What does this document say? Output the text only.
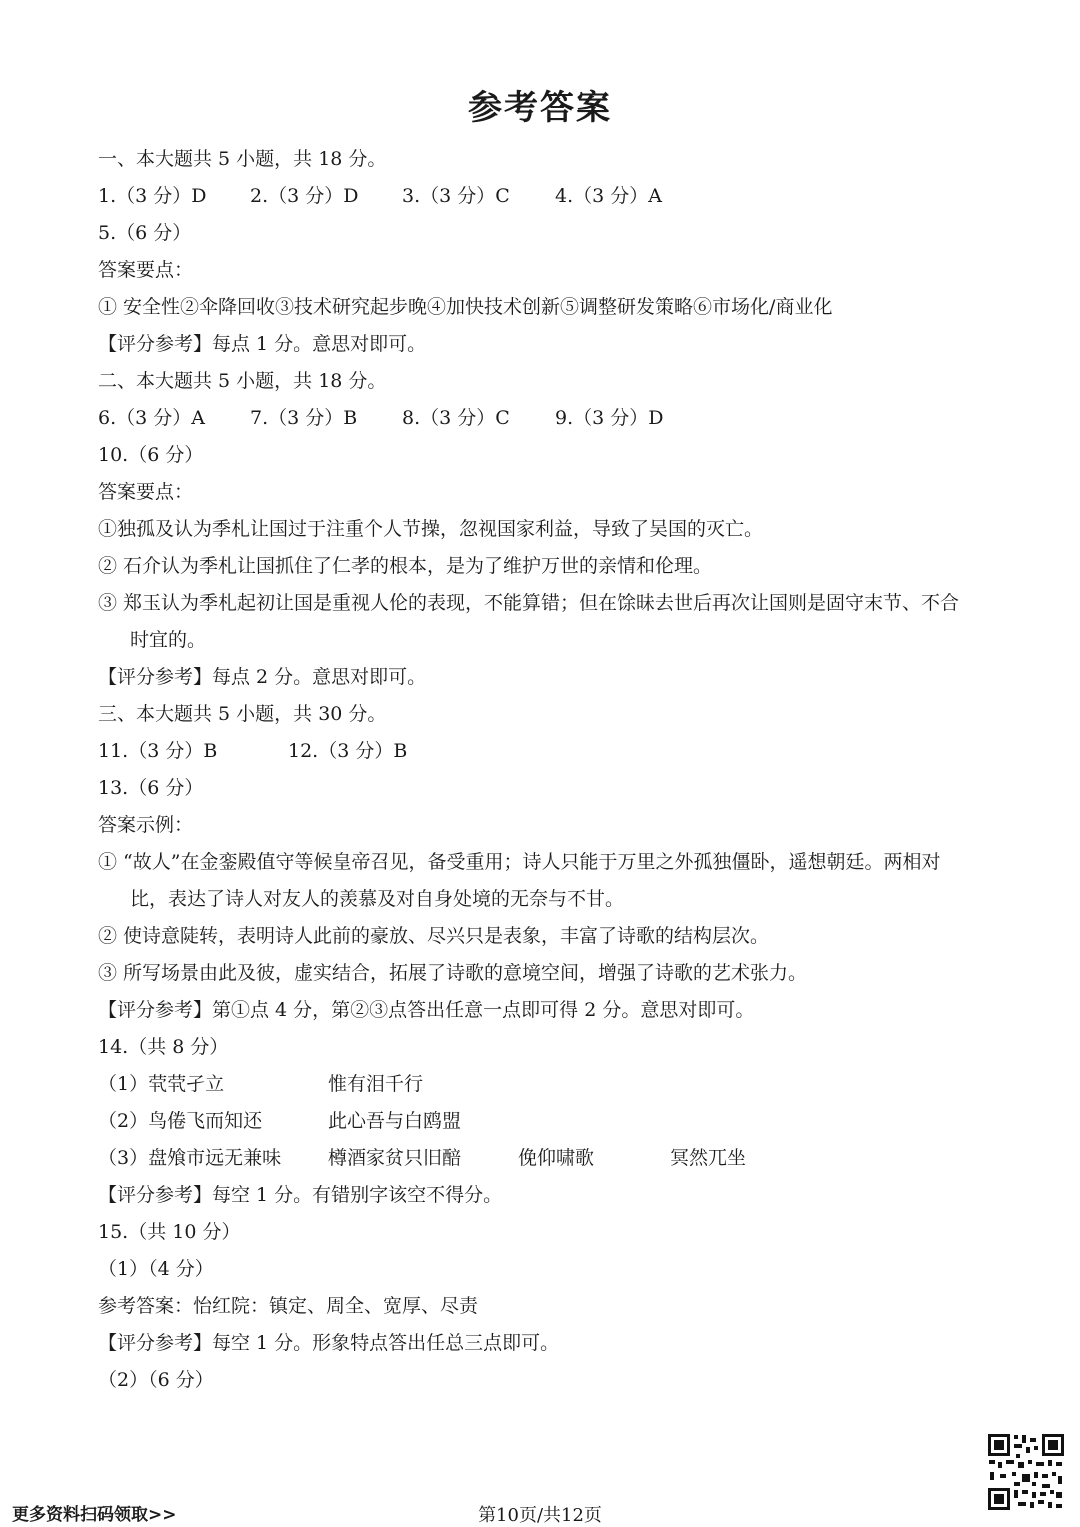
参考答案

一、本大题共 5 小题，共 18 分。

1.（3 分）D 2.（3 分）D 3.（3 分）C 4.（3 分）A

5.（6 分）

答案要点：

① 安全性②伞降回收③技术研究起步晚④加快技术创新⑤调整研发策略⑥市场化/商业化

【评分参考】每点 1 分。意思对即可。

二、本大题共 5 小题，共 18 分。

6.（3 分）A 7.（3 分）B 8.（3 分）C 9.（3 分）D

10.（6 分）

答案要点：

①独孤及认为季札让国过于注重个人节操，忽视国家利益，导致了吴国的灭亡。

② 石介认为季札让国抓住了仁孝的根本，是为了维护万世的亲情和伦理。

③ 郑玉认为季札起初让国是重视人伦的表现，不能算错；但在馀昧去世后再次让国则是固守末节、不合

时宜的。

【评分参考】每点 2 分。意思对即可。

三、本大题共 5 小题，共 30 分。

11.（3 分）B	12.（3 分）B

13.（6 分）

答案示例：

① “故人”在金銮殿值守等候皇帝召见，备受重用；诗人只能于万里之外孤独僵卧，遥想朝廷。两相对

比，表达了诗人对友人的羡慕及对自身处境的无奈与不甘。

② 使诗意陡转，表明诗人此前的豪放、尽兴只是表象，丰富了诗歌的结构层次。

③ 所写场景由此及彼，虚实结合，拓展了诗歌的意境空间，增强了诗歌的艺术张力。

【评分参考】第①点 4 分，第②③点答出任意一点即可得 2 分。意思对即可。

14.（共 8 分）

（1）茕茕孑立	惟有泪千行
（2）鸟倦飞而知还	此心吾与白鸥盟
（3）盘飧市远无兼味 樽酒家贫只旧醅	俛仰啸歌	冥然兀坐

【评分参考】每空 1 分。有错别字该空不得分。

15.（共 10 分）

（1）（4 分）

参考答案：怡红院：镇定、周全、宽厚、尽责

【评分参考】每空 1 分。形象特点答出任总三点即可。

（2）（6 分）

更多资料扫码领取>>	第10页/共12页
